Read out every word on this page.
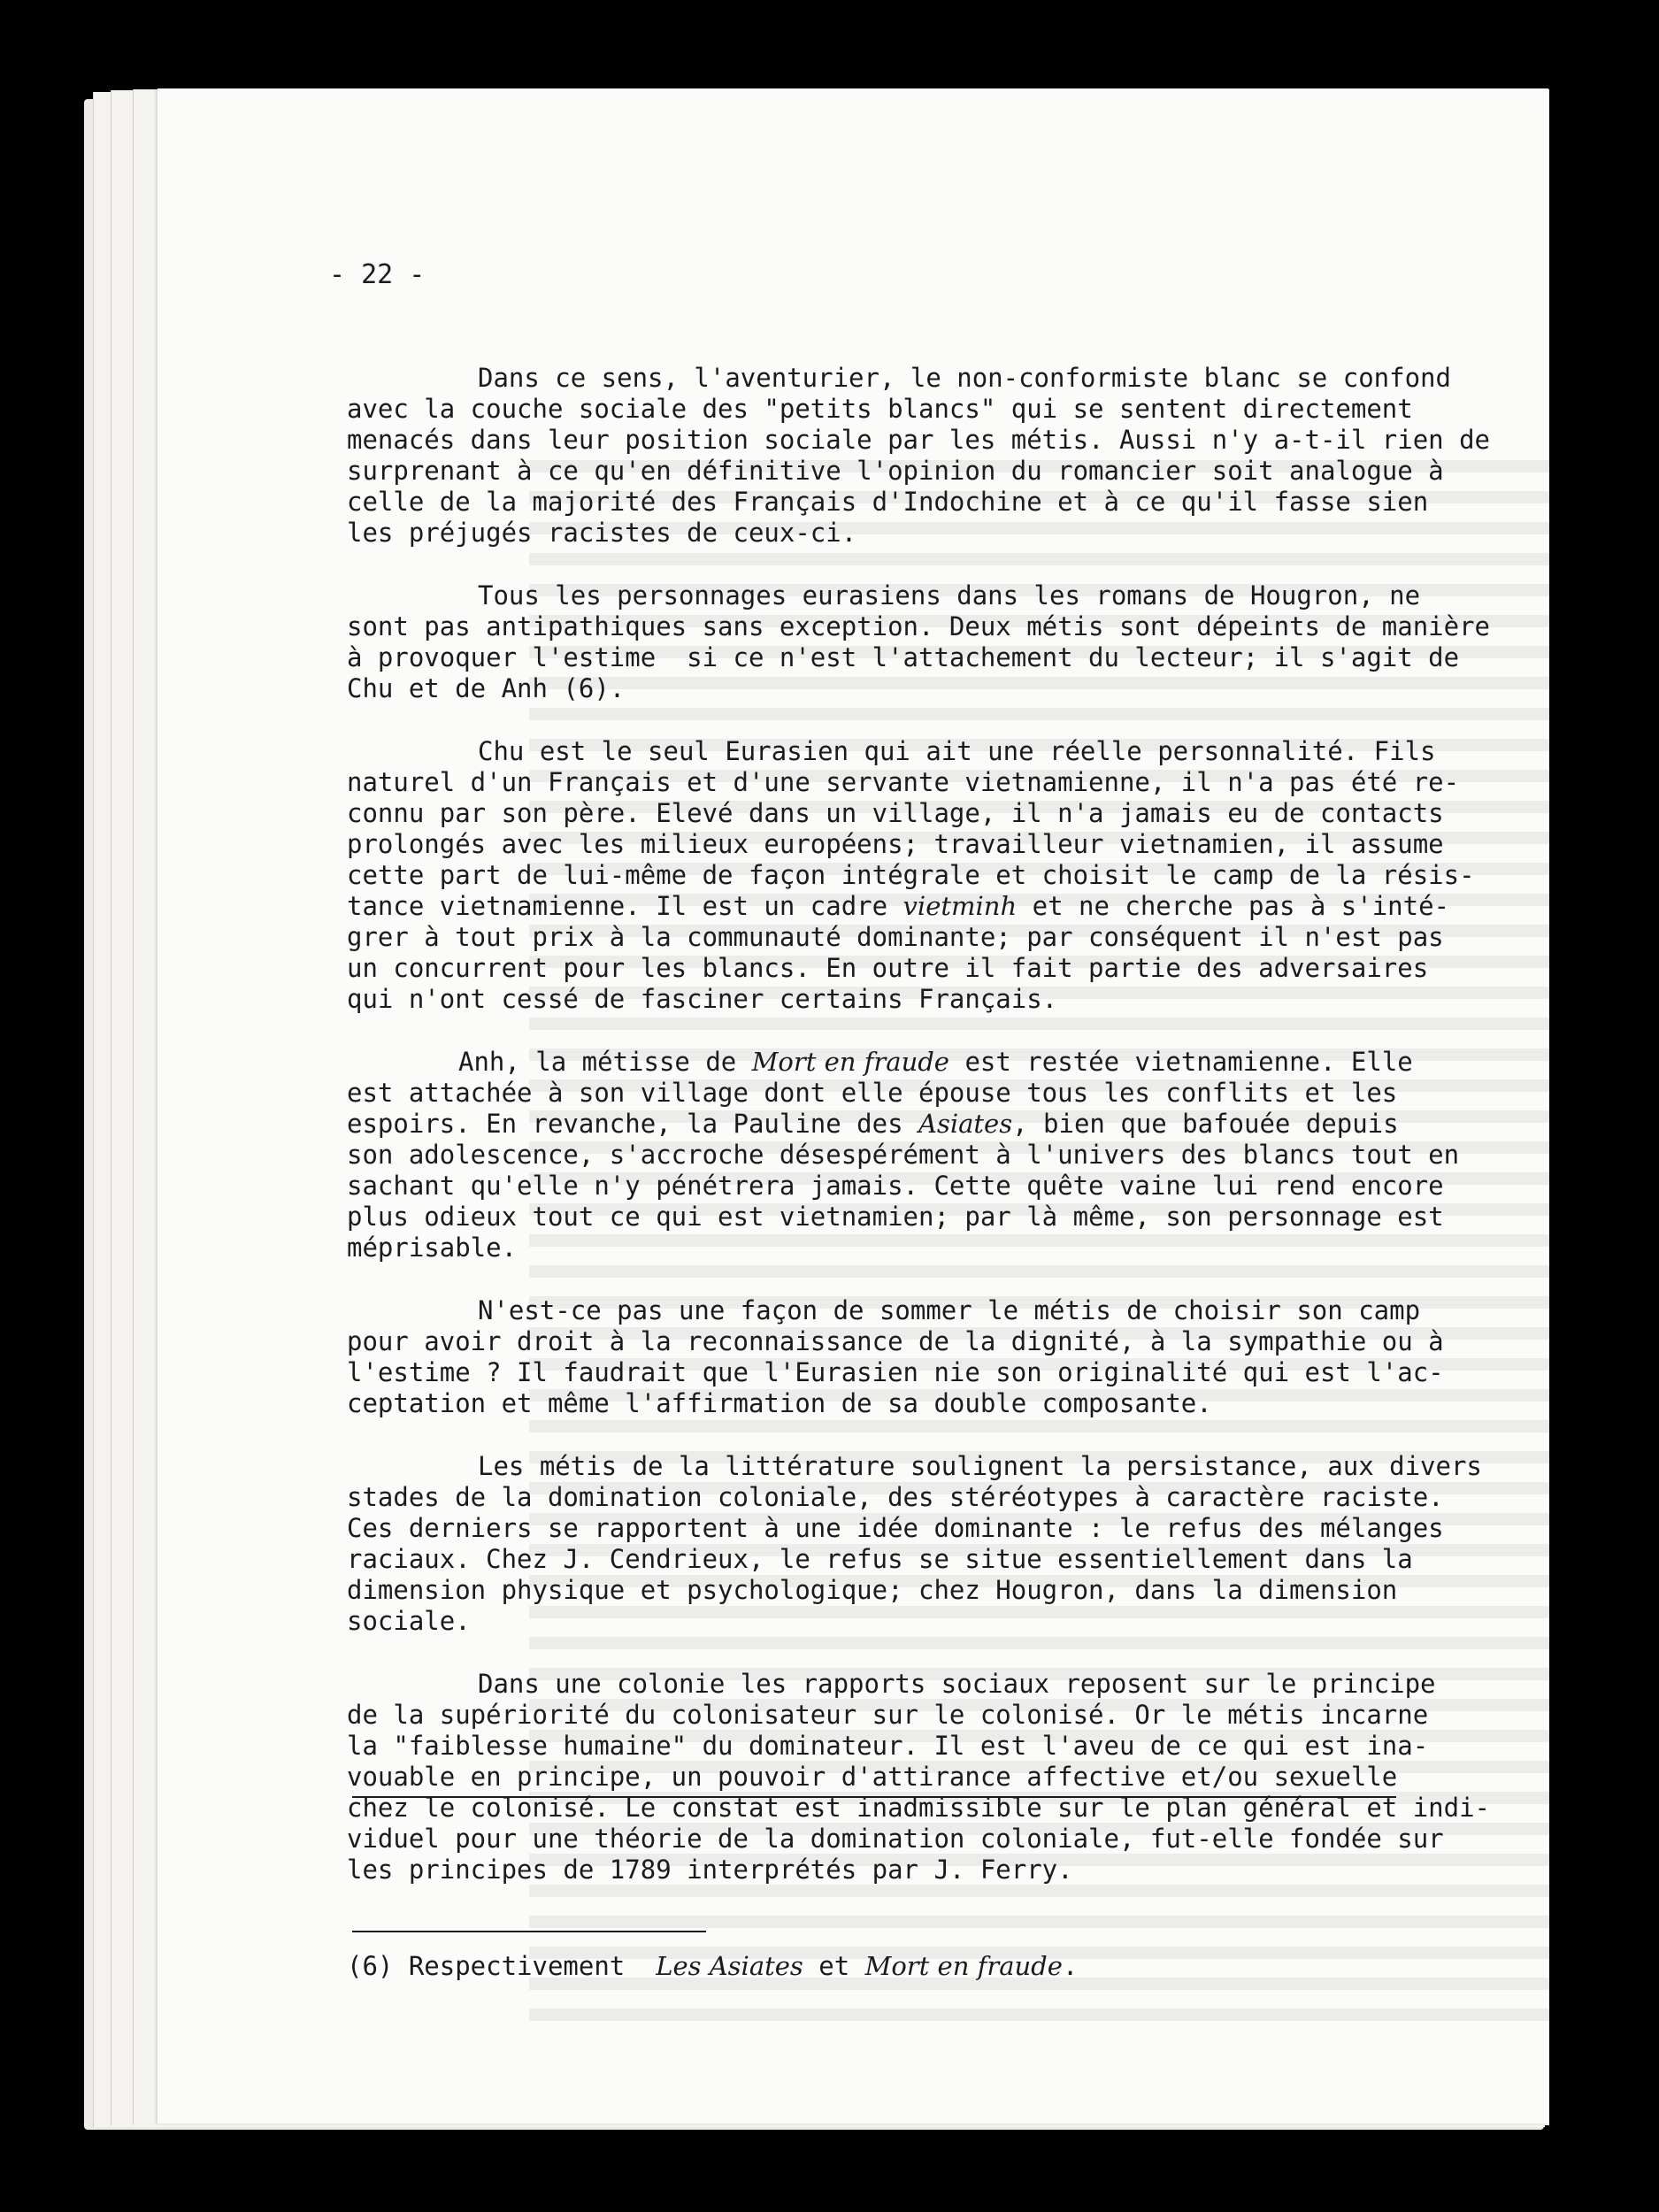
- 22 -
Dans ce sens, l'aventurier, le non-conformiste blanc se confond
avec la couche sociale des "petits blancs" qui se sentent directement
menacés dans leur position sociale par les métis. Aussi n'y a-t-il rien de
surprenant à ce qu'en définitive l'opinion du romancier soit analogue à
celle de la majorité des Français d'Indochine et à ce qu'il fasse sien
les préjugés racistes de ceux-ci.
Tous les personnages eurasiens dans les romans de Hougron, ne
sont pas antipathiques sans exception. Deux métis sont dépeints de manière
à provoquer l'estime  si ce n'est l'attachement du lecteur; il s'agit de
Chu et de Anh (6).
Chu est le seul Eurasien qui ait une réelle personnalité. Fils
naturel d'un Français et d'une servante vietnamienne, il n'a pas été re-
connu par son père. Elevé dans un village, il n'a jamais eu de contacts
prolongés avec les milieux européens; travailleur vietnamien, il assume
cette part de lui-même de façon intégrale et choisit le camp de la résis-
tance vietnamienne. Il est un cadre vietminh et ne cherche pas à s'inté-
grer à tout prix à la communauté dominante; par conséquent il n'est pas
un concurrent pour les blancs. En outre il fait partie des adversaires
qui n'ont cessé de fasciner certains Français.
Anh, la métisse de Mort en fraude est restée vietnamienne. Elle
est attachée à son village dont elle épouse tous les conflits et les
espoirs. En revanche, la Pauline des Asiates, bien que bafouée depuis
son adolescence, s'accroche désespérément à l'univers des blancs tout en
sachant qu'elle n'y pénétrera jamais. Cette quête vaine lui rend encore
plus odieux tout ce qui est vietnamien; par là même, son personnage est
méprisable.
N'est-ce pas une façon de sommer le métis de choisir son camp
pour avoir droit à la reconnaissance de la dignité, à la sympathie ou à
l'estime ? Il faudrait que l'Eurasien nie son originalité qui est l'ac-
ceptation et même l'affirmation de sa double composante.
Les métis de la littérature soulignent la persistance, aux divers
stades de la domination coloniale, des stéréotypes à caractère raciste.
Ces derniers se rapportent à une idée dominante : le refus des mélanges
raciaux. Chez J. Cendrieux, le refus se situe essentiellement dans la
dimension physique et psychologique; chez Hougron, dans la dimension
sociale.
Dans une colonie les rapports sociaux reposent sur le principe
de la supériorité du colonisateur sur le colonisé. Or le métis incarne
la "faiblesse humaine" du dominateur. Il est l'aveu de ce qui est ina-
vouable en principe, un pouvoir d'attirance affective et/ou sexuelle
chez le colonisé. Le constat est inadmissible sur le plan général et indi-
viduel pour une théorie de la domination coloniale, fut-elle fondée sur
les principes de 1789 interprétés par J. Ferry.
(6) Respectivement  Les Asiates et Mort en fraude.
